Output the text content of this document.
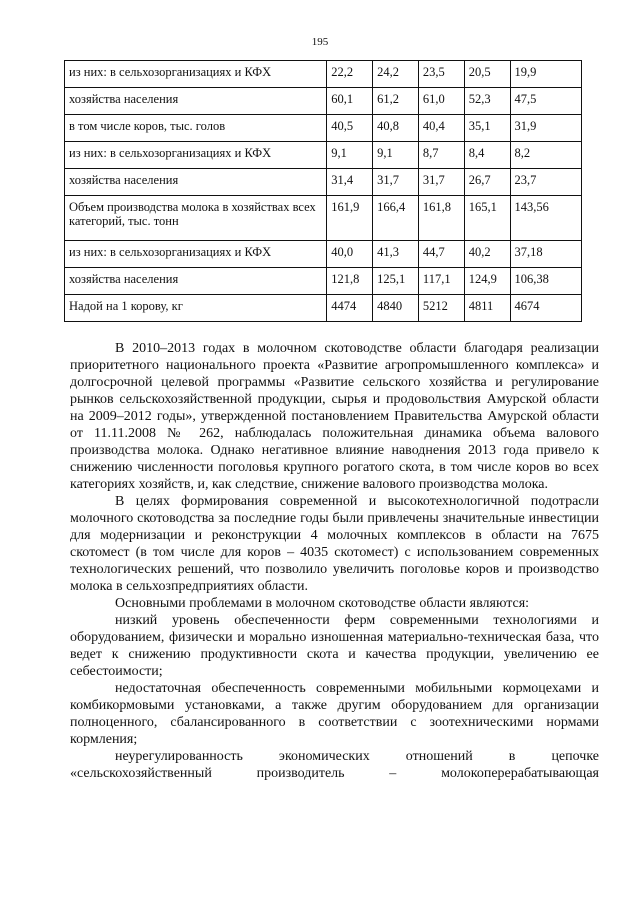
195
из них: в сельхозорганизациях и КФХ	22,2	24,2	23,5	20,5	19,9
хозяйства населения	60,1	61,2	61,0	52,3	47,5
в том числе коров, тыс. голов	40,5	40,8	40,4	35,1	31,9
из них: в сельхозорганизациях и КФХ	9,1	9,1	8,7	8,4	8,2
хозяйства населения	31,4	31,7	31,7	26,7	23,7
Объем производства молока в хозяйствах всех категорий, тыс. тонн	161,9	166,4	161,8	165,1	143,56
из них: в сельхозорганизациях и КФХ	40,0	41,3	44,7	40,2	37,18
хозяйства населения	121,8	125,1	117,1	124,9	106,38
Надой на 1 корову, кг	4474	4840	5212	4811	4674

В 2010–2013 годах в молочном скотоводстве области благодаря реализации приоритетного национального проекта «Развитие агропромышленного комплекса» и долгосрочной целевой программы «Развитие сельского хозяйства и регулирование рынков сельскохозяйственной продукции, сырья и продовольствия Амурской области на 2009–2012 годы», утвержденной постановлением Правительства Амурской области от 11.11.2008 № 262, наблюдалась положительная динамика объема валового производства молока. Однако негативное влияние наводнения 2013 года привело к снижению численности поголовья крупного рогатого скота, в том числе коров во всех категориях хозяйств, и, как следствие, снижение валового производства молока.

В целях формирования современной и высокотехнологичной подотрасли молочного скотоводства за последние годы были привлечены значительные инвестиции для модернизации и реконструкции 4 молочных комплексов в области на 7675 скотомест (в том числе для коров – 4035 скотомест) с использованием современных технологических решений, что позволило увеличить поголовье коров и производство молока в сельхозпредприятиях области.

Основными проблемами в молочном скотоводстве области являются:

низкий уровень обеспеченности ферм современными технологиями и оборудованием, физически и морально изношенная материально-техническая база, что ведет к снижению продуктивности скота и качества продукции, увеличению ее себестоимости;

недостаточная обеспеченность современными мобильными кормоцехами и комбикормовыми установками, а также другим оборудованием для организации полноценного, сбалансированного в соответствии с зоотехническими нормами кормления;

неурегулированность экономических отношений в цепочке «сельскохозяйственный производитель – молокоперерабатывающая
